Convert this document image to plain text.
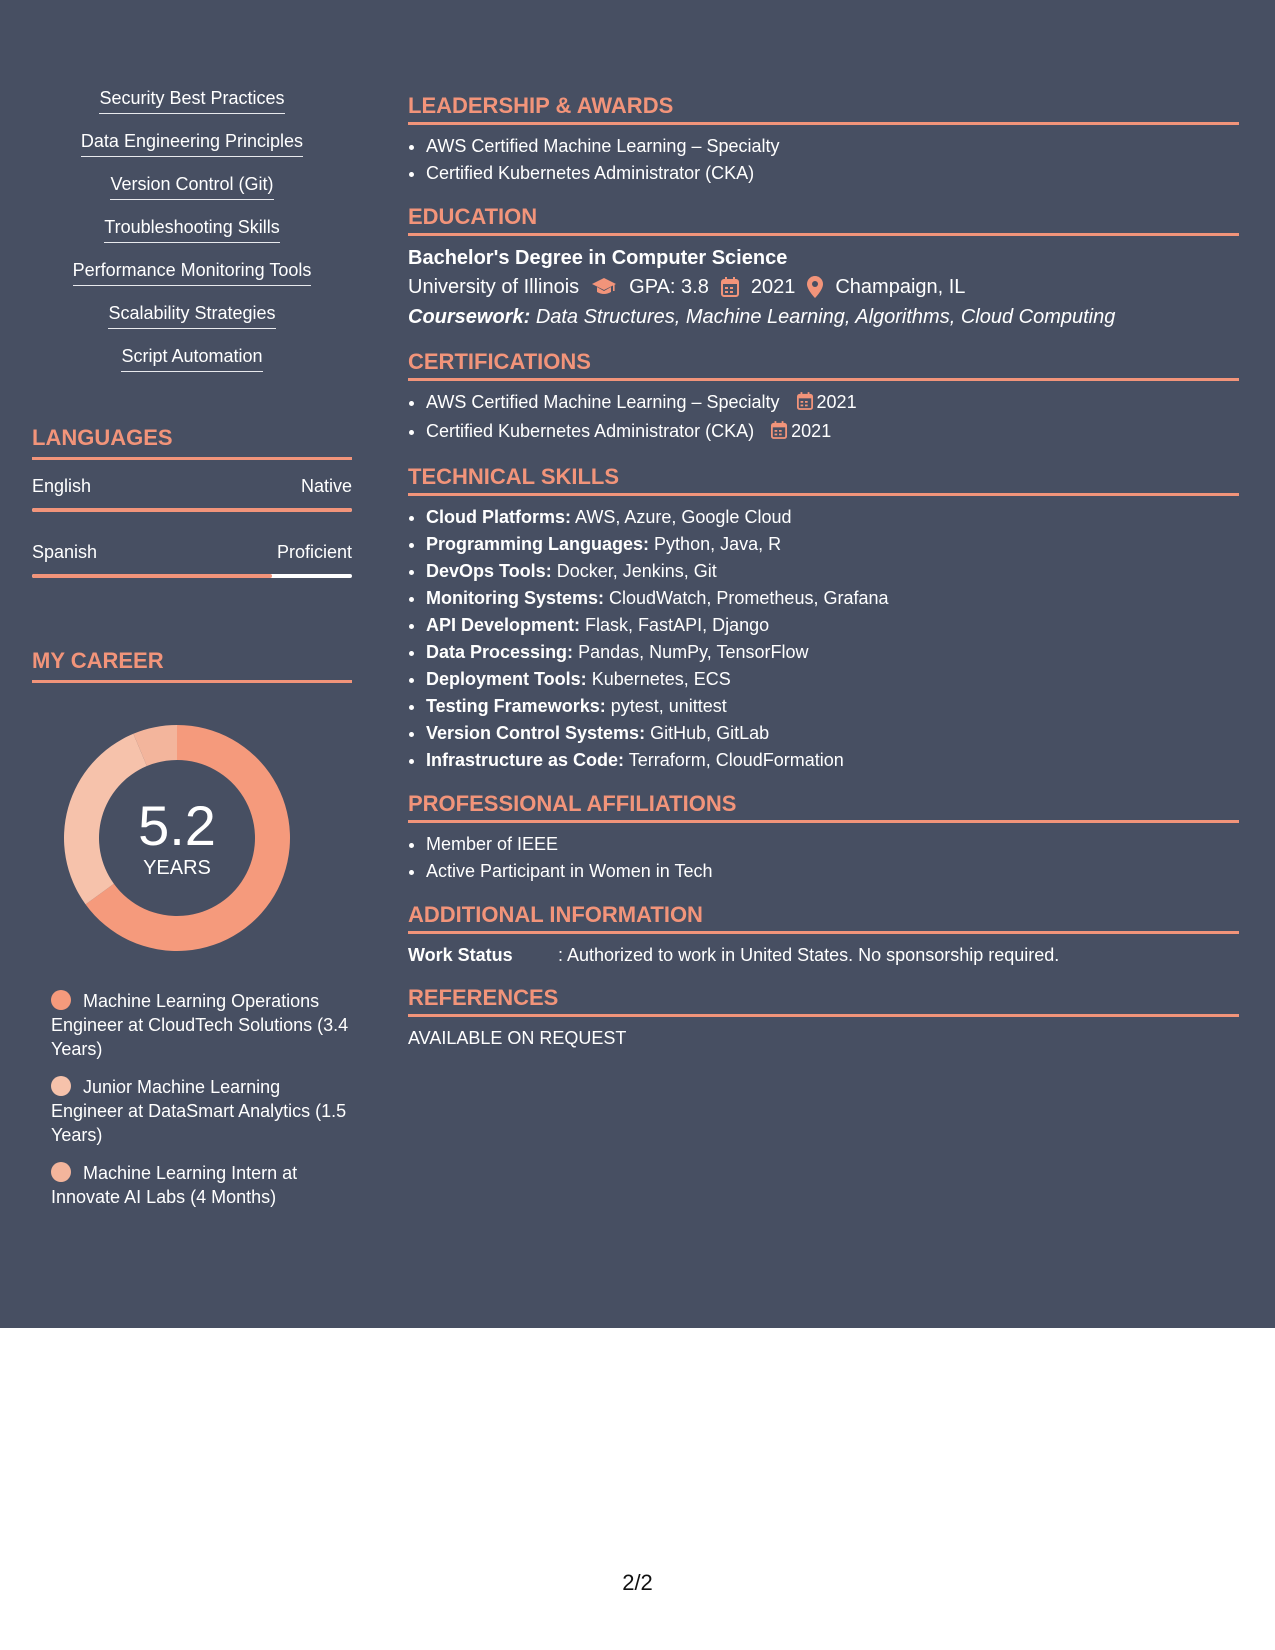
Security Best Practices
Data Engineering Principles
Version Control (Git)
Troubleshooting Skills
Performance Monitoring Tools
Scalability Strategies
Script Automation
LANGUAGES
English	Native
Spanish	Proficient
MY CAREER
5.2
YEARS
Machine Learning Operations Engineer at CloudTech Solutions (3.4 Years)
Junior Machine Learning Engineer at DataSmart Analytics (1.5 Years)
Machine Learning Intern at Innovate AI Labs (4 Months)
LEADERSHIP & AWARDS
• AWS Certified Machine Learning – Specialty
• Certified Kubernetes Administrator (CKA)
EDUCATION
Bachelor's Degree in Computer Science
University of Illinois	GPA: 3.8 2021 Champaign, IL
Coursework: Data Structures, Machine Learning, Algorithms, Cloud Computing
CERTIFICATIONS
• AWS Certified Machine Learning – Specialty 2021
• Certified Kubernetes Administrator (CKA) 2021
TECHNICAL SKILLS
• Cloud Platforms: AWS, Azure, Google Cloud
• Programming Languages: Python, Java, R
• DevOps Tools: Docker, Jenkins, Git
• Monitoring Systems: CloudWatch, Prometheus, Grafana
• API Development: Flask, FastAPI, Django
• Data Processing: Pandas, NumPy, TensorFlow
• Deployment Tools: Kubernetes, ECS
• Testing Frameworks: pytest, unittest
• Version Control Systems: GitHub, GitLab
• Infrastructure as Code: Terraform, CloudFormation
PROFESSIONAL AFFILIATIONS
• Member of IEEE
• Active Participant in Women in Tech
ADDITIONAL INFORMATION
Work Status	: Authorized to work in United States. No sponsorship required.
REFERENCES
AVAILABLE ON REQUEST
2/2
